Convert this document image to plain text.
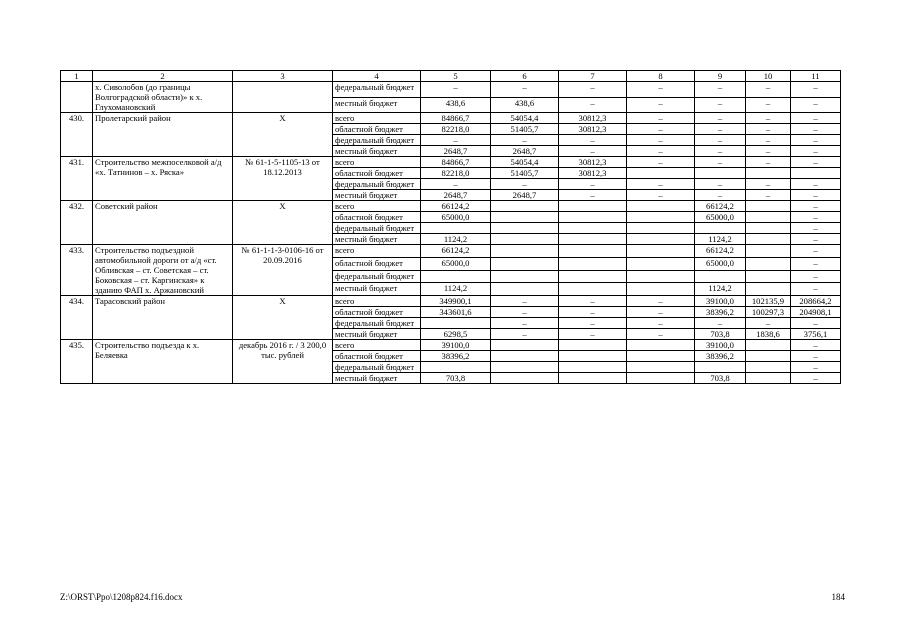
1	2	3	4	5	6	7	8	9	10	11
	х. Сиволобов (до границы Волгоградской области)» к х. Глухомановский		федеральный бюджет	–	–	–	–	–	–	–
			местный бюджет	438,6	438,6	–	–	–	–	–
430.	Пролетарский район	Х	всего	84866,7	54054,4	30812,3	–	–	–	–
			областной бюджет	82218,0	51405,7	30812,3	–	–	–	–
			федеральный бюджет	–	–	–	–	–	–	–
			местный бюджет	2648,7	2648,7	–	–	–	–	–
431.	Строительство межпоселковой а/д «х. Татнинов – х. Ряска»	№ 61-1-5-1105-13 от 18.12.2013	всего	84866,7	54054,4	30812,3	–	–	–	–
			областной бюджет	82218,0	51405,7	30812,3				
			федеральный бюджет	–	–	–	–	–	–	–
			местный бюджет	2648,7	2648,7	–	–	–	–	–
432.	Советский район	Х	всего	66124,2				66124,2		–
			областной бюджет	65000,0				65000,0		–
			федеральный бюджет							–
			местный бюджет	1124,2				1124,2		–
433.	Строительство подъездной автомобильной дороги от а/д «ст. Обливская – ст. Советская – ст. Боковская – ст. Каргинская» к зданию ФАП х. Аржановский	№ 61-1-1-3-0106-16 от 20.09.2016	всего	66124,2				66124,2		–
			областной бюджет	65000,0				65000,0		–
			федеральный бюджет							–
			местный бюджет	1124,2				1124,2		–
434.	Тарасовский район	Х	всего	349900,1	–	–	–	39100,0	102135,9	208664,2
			областной бюджет	343601,6	–	–	–	38396,2	100297,3	204908,1
			федеральный бюджет		–	–	–	–	–	–
			местный бюджет	6298,5	–	–	–	703,8	1838,6	3756,1
435.	Строительство подъезда к х. Беляевка	декабрь 2016 г. / 3 200,0 тыс. рублей	всего	39100,0				39100,0		–
			областной бюджет	38396,2				38396,2		–
			федеральный бюджет							–
			местный бюджет	703,8				703,8		–
Z:\ORST\Ppo\1208p824.f16.docx	184
